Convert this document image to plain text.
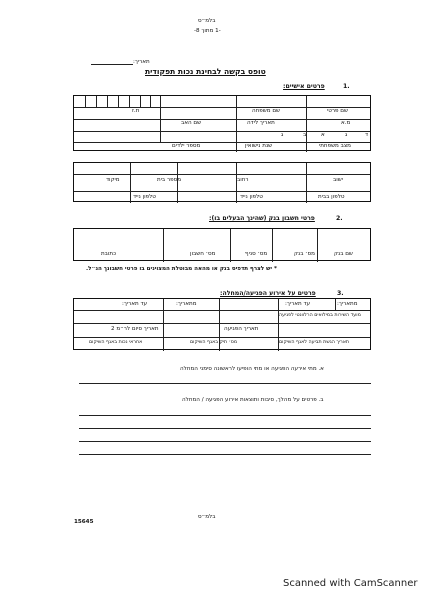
בלמ״ס
-1 מתוך 8-
תאריך:
טופס בקשה לבחינת נכות תפקודית
1.
פרטים אישיים:
שם פרטי
שם משפחה
ת.ז
מ.א
תאריך לידה
שם האב
ד
ג
א
ב
ג
מצב משפחתי
שנת נישואין
מספר ילדים
ישוב
רחוב
מספר בית
מיקוד
טלפון בבית
טלפון נייד
טלפון נייד
2.
פרטי חשבון בנק (שהינך הבעלים בו):
שם בנק
מס׳ בנק
מס׳ סניף
מס׳ חשבון
כתובת
* יש לצרף תדפיס בנק או מהאה מבוטלת המצוינים בו פרטי חשבונך הנ״ל.
3.
פרטים על אירוע הפגיעה/המחלה:
מתאריך:
עד תאריך:
מתאריך:
עד תאריך:
מועד השירות במילואים הרלוונטי לפגיעה
תאריך הפגיעה
תאריך סיום לר״מ 2
תאריך הגשת תביעה לאגף השיקום
מס׳ תיק באגף השיקום
אחראי נכות באגף השיקום
א. מתי אירעה הפגיעה או מתי הופיעו לראשונה סימני המחלה
ב. פרטים על מהלך, סיבות ותוצאות אירוע הפגיעה / המחלה
15645
בלמ״ס
Scanned with CamScanner
